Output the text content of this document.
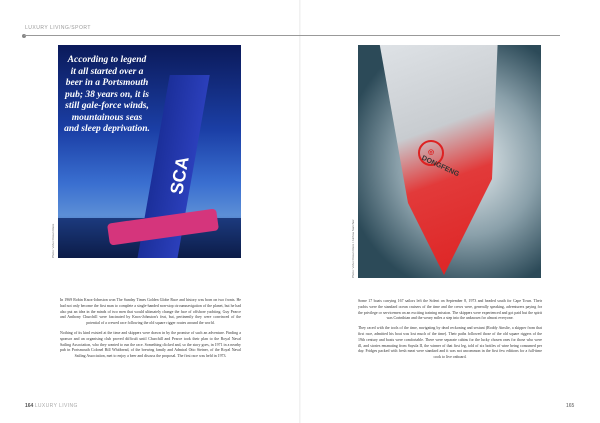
LUXURY LIVING/SPORT
SCA
According to legend it all started over a beer in a Portsmouth pub; 38 years on, it is still gale-force winds, mountainous seas and sleep deprivation.
Photo: Volvo Ocean Race

In 1969 Robin Knox-Johnston won The Sunday Times Golden Globe Race and history was born on two fronts. He had not only become the first man to complete a single-handed non-stop circumnavigation of the planet, but he had also put an idea in the minds of two men that would ultimately change the face of offshore yachting. Guy Pearce and Anthony Churchill were fascinated by Knox-Johnston's feat, but, pertinently they were convinced of the potential of a crewed race following the old square rigger routes around the world.

Nothing of its kind existed at the time and skippers were drawn in by the promise of such an adventure. Finding a sponsor and an organising club proved difficult until Churchill and Pearce took their plan to the Royal Naval Sailing Association, who they wanted to run the race. Something clicked and, so the story goes, in 1971 in a nearby pub in Portsmouth Colonel Bill Whitbread, of the brewing family and Admiral Otto Steiner, of the Royal Naval Sailing Association, met to enjoy a beer and discuss the proposal. The first race was held in 1973.

164 LUXURY LIVING
◎
DONGFENG
Photo: Volvo Ocean Race / Ainhoa Sanchez

Some 17 boats carrying 167 sailors left the Solent on September 8, 1973 and headed south for Cape Town. Their yachts were the standard ocean cruisers of the time and the crews were, generally speaking, adventurers paying for the privilege or servicemen on an exciting training mission. The skippers were experienced and got paid but the spirit was Corinthian and the weary miles a step into the unknown for almost everyone.

They raced with the tools of the time, navigating by dead reckoning and sextant (Roddy Ainslie, a skipper from that first race, admitted his boat was lost much of the time). Their paths followed those of the old square riggers of the 19th century and boats were comfortable. There were separate cabins for the lucky chosen ones for those who were ill, and stories emanating from Sayula II, the winner of that first leg, told of six bottles of wine being consumed per day. Fridges packed with fresh meat were standard and it was not uncommon in the first few editions for a full-time cook to live onboard.

165
